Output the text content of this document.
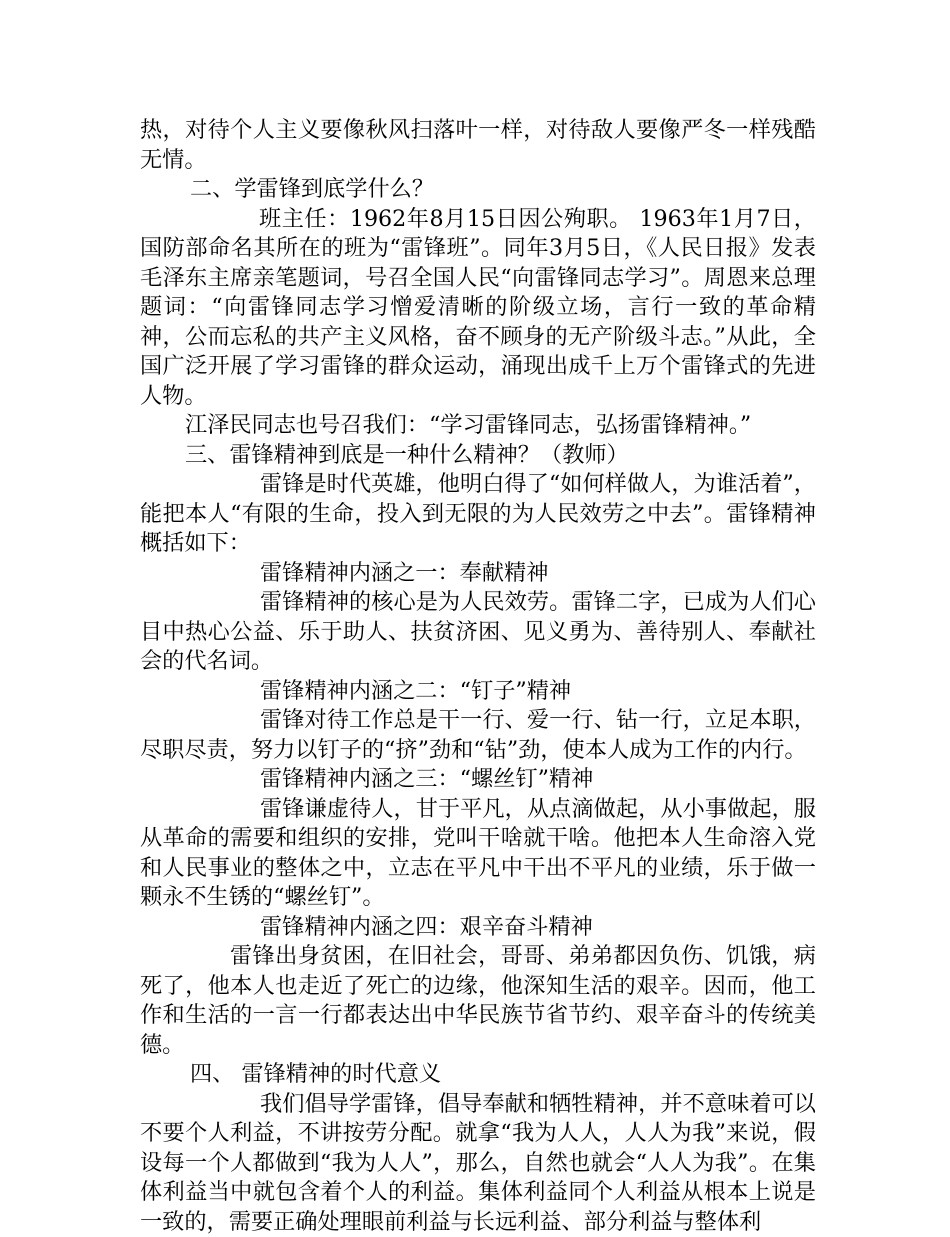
热，对待个人主义要像秋风扫落叶一样，对待敌人要像严冬一样残酷无情。

二、学雷锋到底学什么？

班主任：1962年8月15日因公殉职。 1963年1月7日，国防部命名其所在的班为“雷锋班”。同年3月5日，《人民日报》发表毛泽东主席亲笔题词，号召全国人民“向雷锋同志学习”。周恩来总理题词：“向雷锋同志学习憎爱清晰的阶级立场，言行一致的革命精神，公而忘私的共产主义风格，奋不顾身的无产阶级斗志。”从此，全国广泛开展了学习雷锋的群众运动，涌现出成千上万个雷锋式的先进人物。

江泽民同志也号召我们：“学习雷锋同志，弘扬雷锋精神。”

三、雷锋精神到底是一种什么精神？（教师）

雷锋是时代英雄，他明白得了“如何样做人，为谁活着”，能把本人“有限的生命，投入到无限的为人民效劳之中去”。雷锋精神概括如下：

雷锋精神内涵之一：奉献精神

雷锋精神的核心是为人民效劳。雷锋二字，已成为人们心目中热心公益、乐于助人、扶贫济困、见义勇为、善待别人、奉献社会的代名词。

雷锋精神内涵之二：“钉子”精神

雷锋对待工作总是干一行、爱一行、钻一行，立足本职，尽职尽责，努力以钉子的“挤”劲和“钻”劲，使本人成为工作的内行。

雷锋精神内涵之三：“螺丝钉”精神

雷锋谦虚待人，甘于平凡，从点滴做起，从小事做起，服从革命的需要和组织的安排，党叫干啥就干啥。他把本人生命溶入党和人民事业的整体之中，立志在平凡中干出不平凡的业绩，乐于做一颗永不生锈的“螺丝钉”。

雷锋精神内涵之四：艰辛奋斗精神

雷锋出身贫困，在旧社会，哥哥、弟弟都因负伤、饥饿，病死了，他本人也走近了死亡的边缘，他深知生活的艰辛。因而，他工作和生活的一言一行都表达出中华民族节省节约、艰辛奋斗的传统美德。

四、 雷锋精神的时代意义

我们倡导学雷锋，倡导奉献和牺牲精神，并不意味着可以不要个人利益，不讲按劳分配。就拿“我为人人，人人为我”来说，假设每一个人都做到“我为人人”，那么，自然也就会“人人为我”。在集体利益当中就包含着个人的利益。集体利益同个人利益从根本上说是一致的，需要正确处理眼前利益与长远利益、部分利益与整体利
